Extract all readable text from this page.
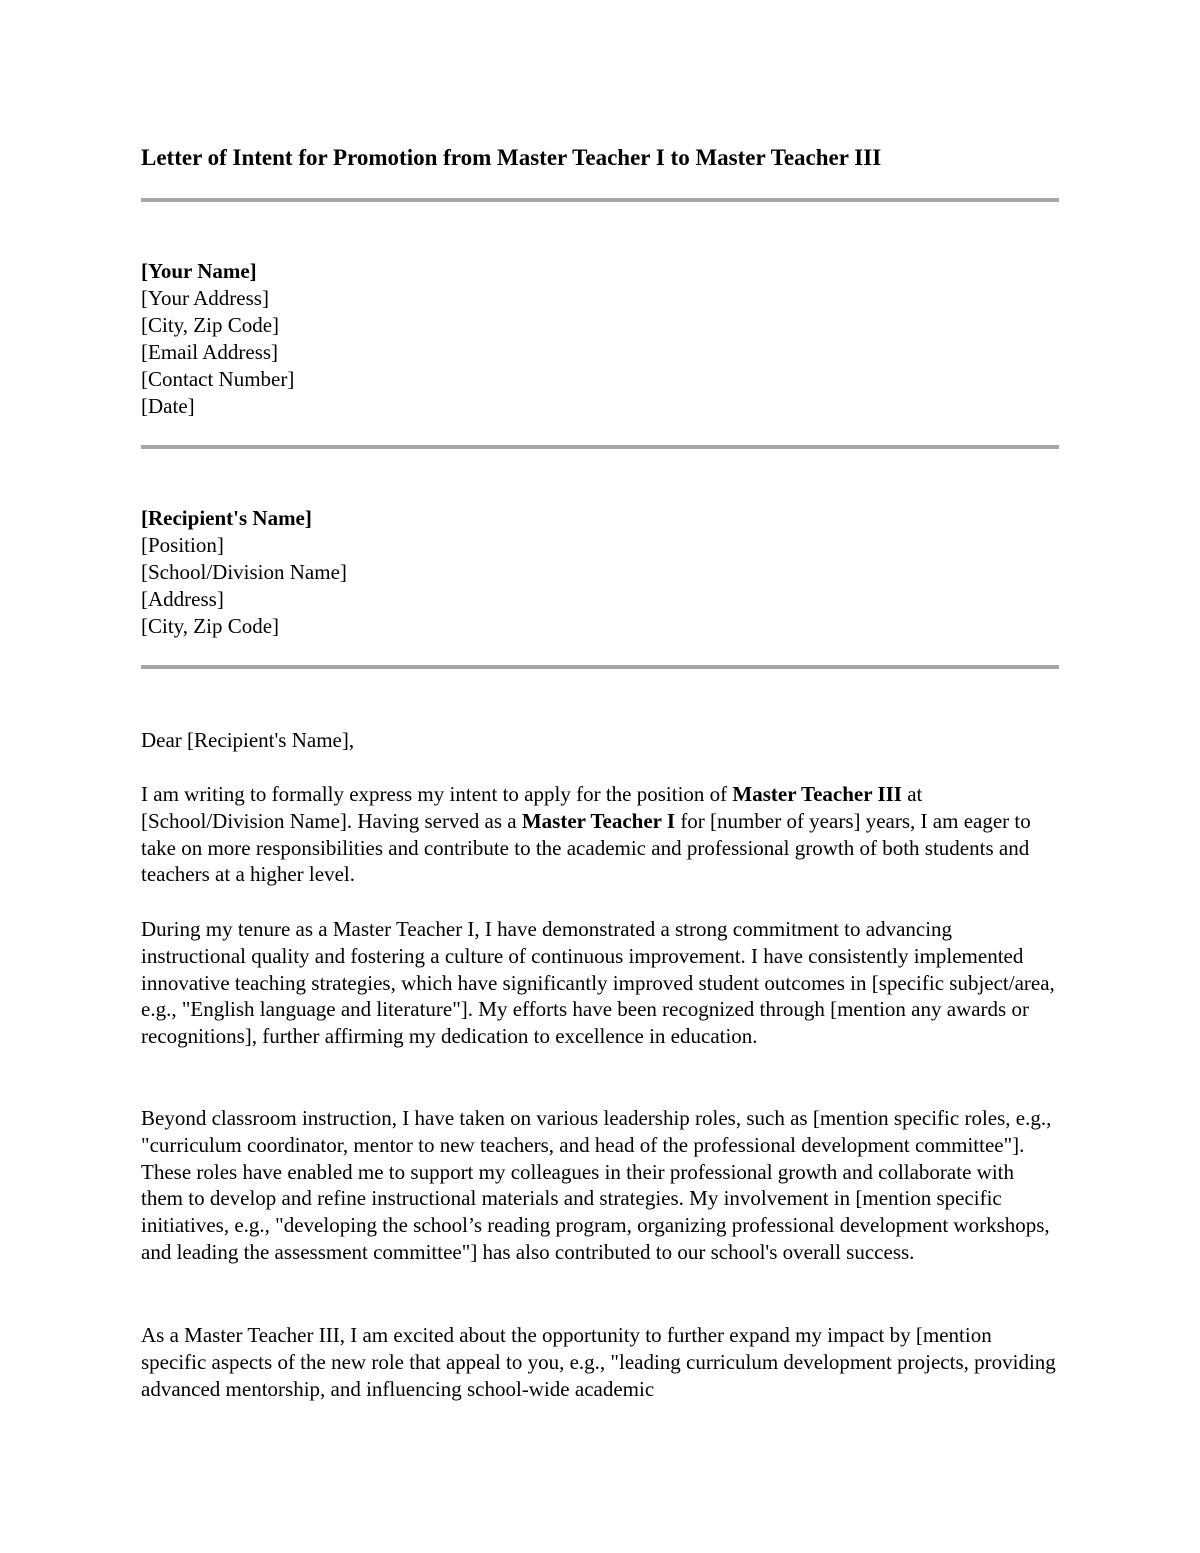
Letter of Intent for Promotion from Master Teacher I to Master Teacher III
[Your Name]
[Your Address]
[City, Zip Code]
[Email Address]
[Contact Number]
[Date]
[Recipient's Name]
[Position]
[School/Division Name]
[Address]
[City, Zip Code]

Dear [Recipient's Name],

I am writing to formally express my intent to apply for the position of Master Teacher III at [School/Division Name]. Having served as a Master Teacher I for [number of years] years, I am eager to take on more responsibilities and contribute to the academic and professional growth of both students and teachers at a higher level.

During my tenure as a Master Teacher I, I have demonstrated a strong commitment to advancing instructional quality and fostering a culture of continuous improvement. I have consistently implemented innovative teaching strategies, which have significantly improved student outcomes in [specific subject/area, e.g., "English language and literature"]. My efforts have been recognized through [mention any awards or recognitions], further affirming my dedication to excellence in education.

Beyond classroom instruction, I have taken on various leadership roles, such as [mention specific roles, e.g., "curriculum coordinator, mentor to new teachers, and head of the professional development committee"]. These roles have enabled me to support my colleagues in their professional growth and collaborate with them to develop and refine instructional materials and strategies. My involvement in [mention specific initiatives, e.g., "developing the school’s reading program, organizing professional development workshops, and leading the assessment committee"] has also contributed to our school's overall success.

As a Master Teacher III, I am excited about the opportunity to further expand my impact by [mention specific aspects of the new role that appeal to you, e.g., "leading curriculum development projects, providing advanced mentorship, and influencing school-wide academic
